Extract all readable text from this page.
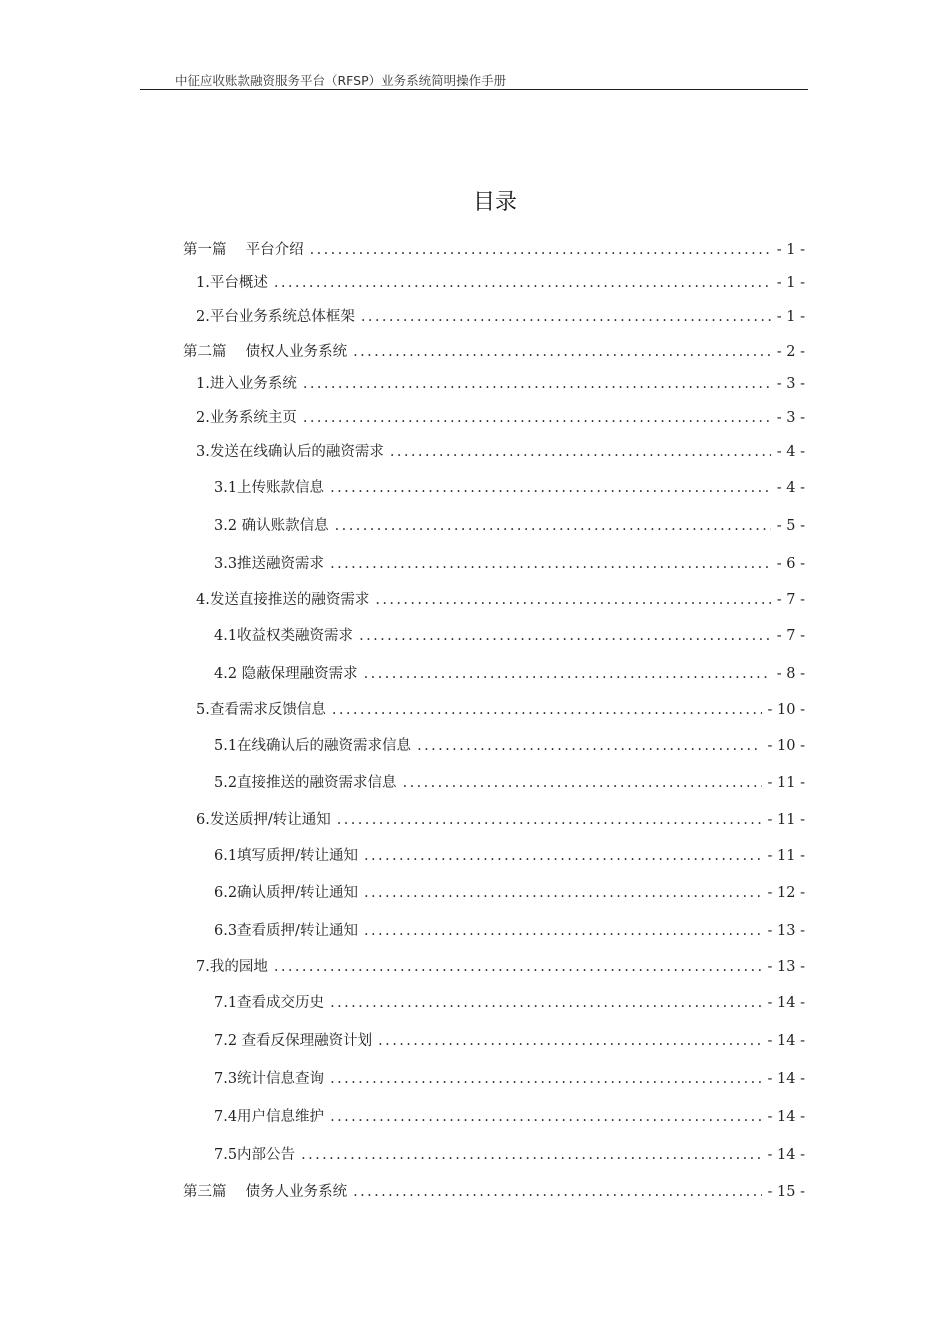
中征应收账款融资服务平台（RFSP）业务系统简明操作手册
目录
第一篇　 平台介绍 .....	- 1 -
1.平台概述 .....	- 1 -
2.平台业务系统总体框架 .....	- 1 -
第二篇　 债权人业务系统 .....	- 2 -
1.进入业务系统 .....	- 3 -
2.业务系统主页 .....	- 3 -
3.发送在线确认后的融资需求 .....	- 4 -
3.1上传账款信息 .....	- 4 -
3.2 确认账款信息 .....	- 5 -
3.3推送融资需求 .....	- 6 -
4.发送直接推送的融资需求 .....	- 7 -
4.1收益权类融资需求 .....	- 7 -
4.2 隐蔽保理融资需求 .....	- 8 -
5.查看需求反馈信息 .....	- 10 -
5.1在线确认后的融资需求信息 .....	- 10 -
5.2直接推送的融资需求信息 .....	- 11 -
6.发送质押/转让通知 .....	- 11 -
6.1填写质押/转让通知 .....	- 11 -
6.2确认质押/转让通知 .....	- 12 -
6.3查看质押/转让通知 .....	- 13 -
7.我的园地 .....	- 13 -
7.1查看成交历史 .....	- 14 -
7.2 查看反保理融资计划 .....	- 14 -
7.3统计信息查询 .....	- 14 -
7.4用户信息维护 .....	- 14 -
7.5内部公告 .....	- 14 -
第三篇　 债务人业务系统 .....	- 15 -
